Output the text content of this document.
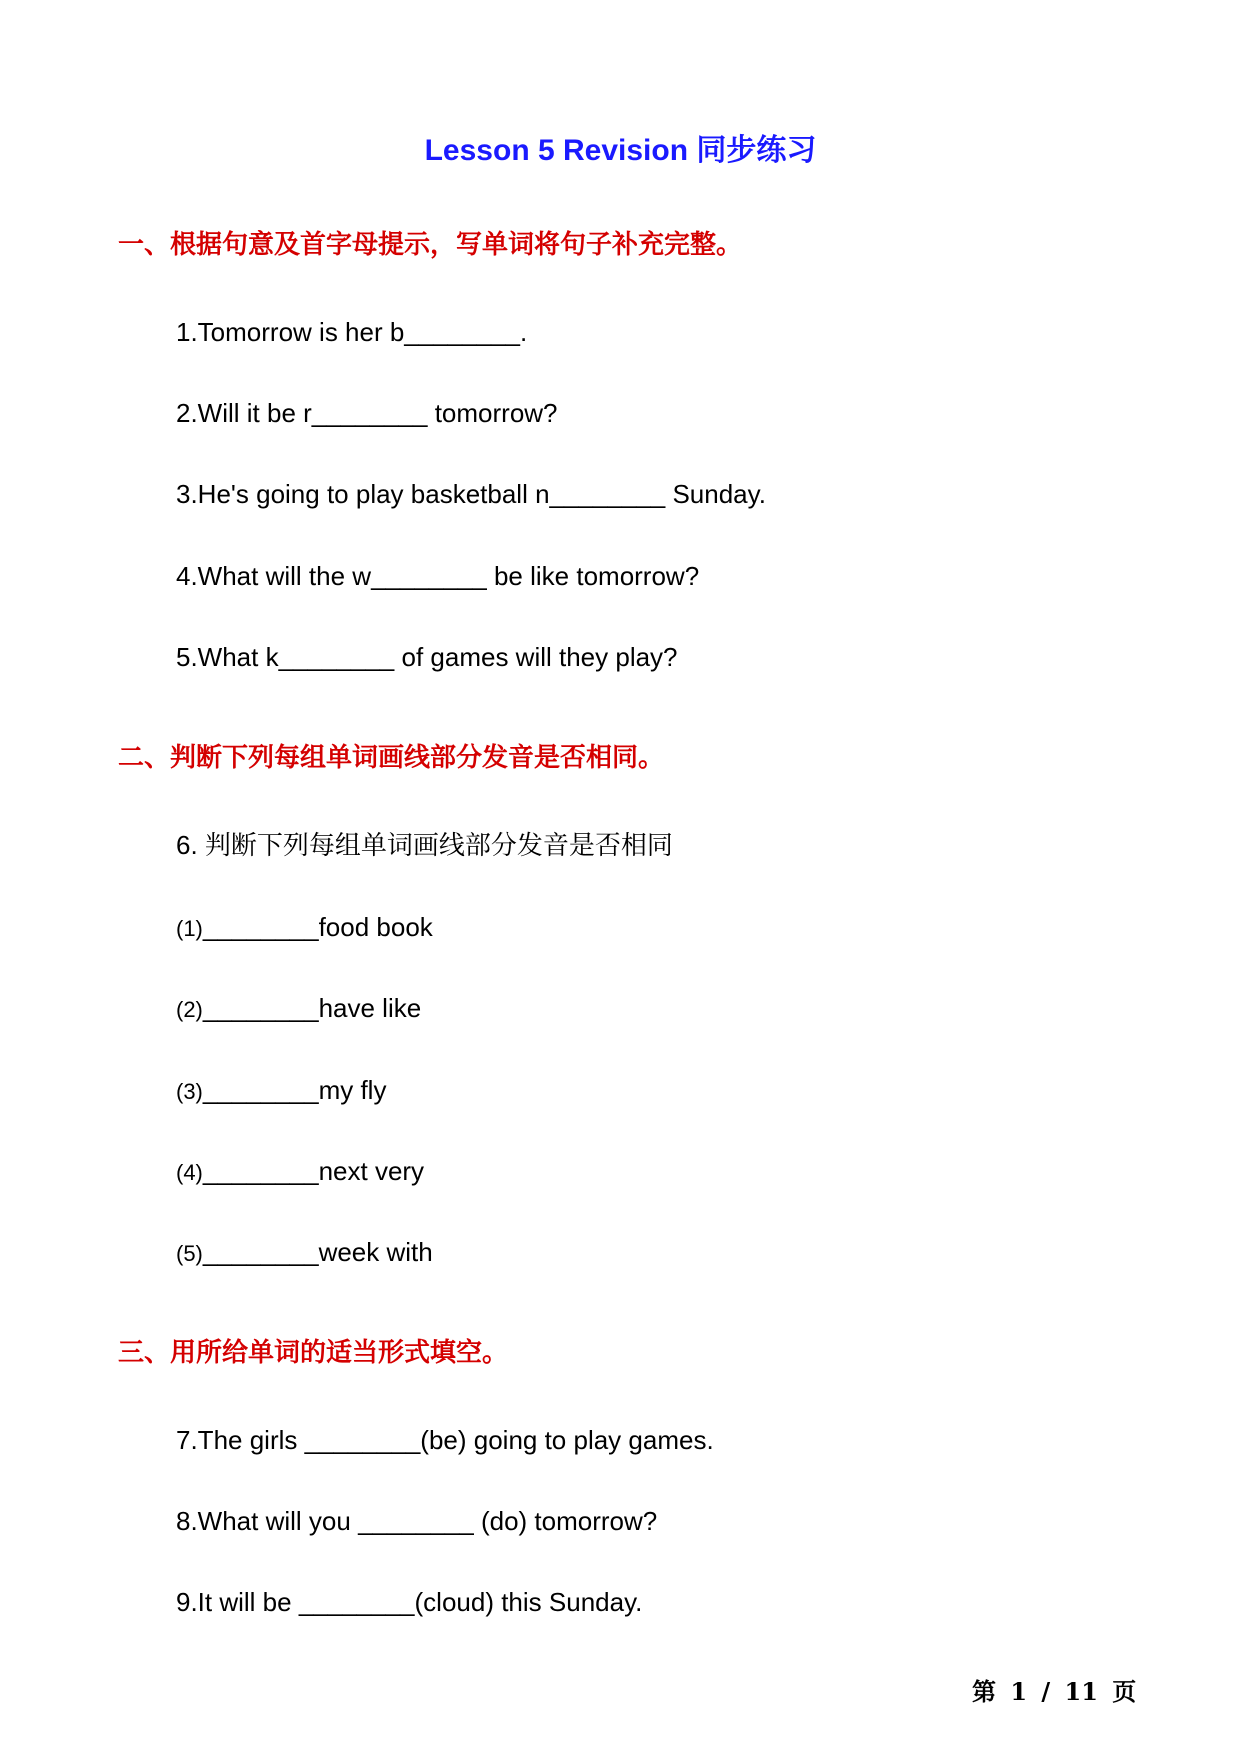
Lesson 5 Revision 同步练习
一、根据句意及首字母提示，写单词将句子补充完整。
1.Tomorrow is her b________.
2.Will it be r________ tomorrow?
3.He's going to play basketball n________ Sunday.
4.What will the w________ be like tomorrow?
5.What k________ of games will they play?
二、判断下列每组单词画线部分发音是否相同。
6. 判断下列每组单词画线部分发音是否相同
(1)________food book
(2)________have like
(3)________my fly
(4)________next very
(5)________week with
三、用所给单词的适当形式填空。
7.The girls ________(be) going to play games.
8.What will you ________ (do) tomorrow?
9.It will be ________(cloud) this Sunday.
第 1 / 11 页
